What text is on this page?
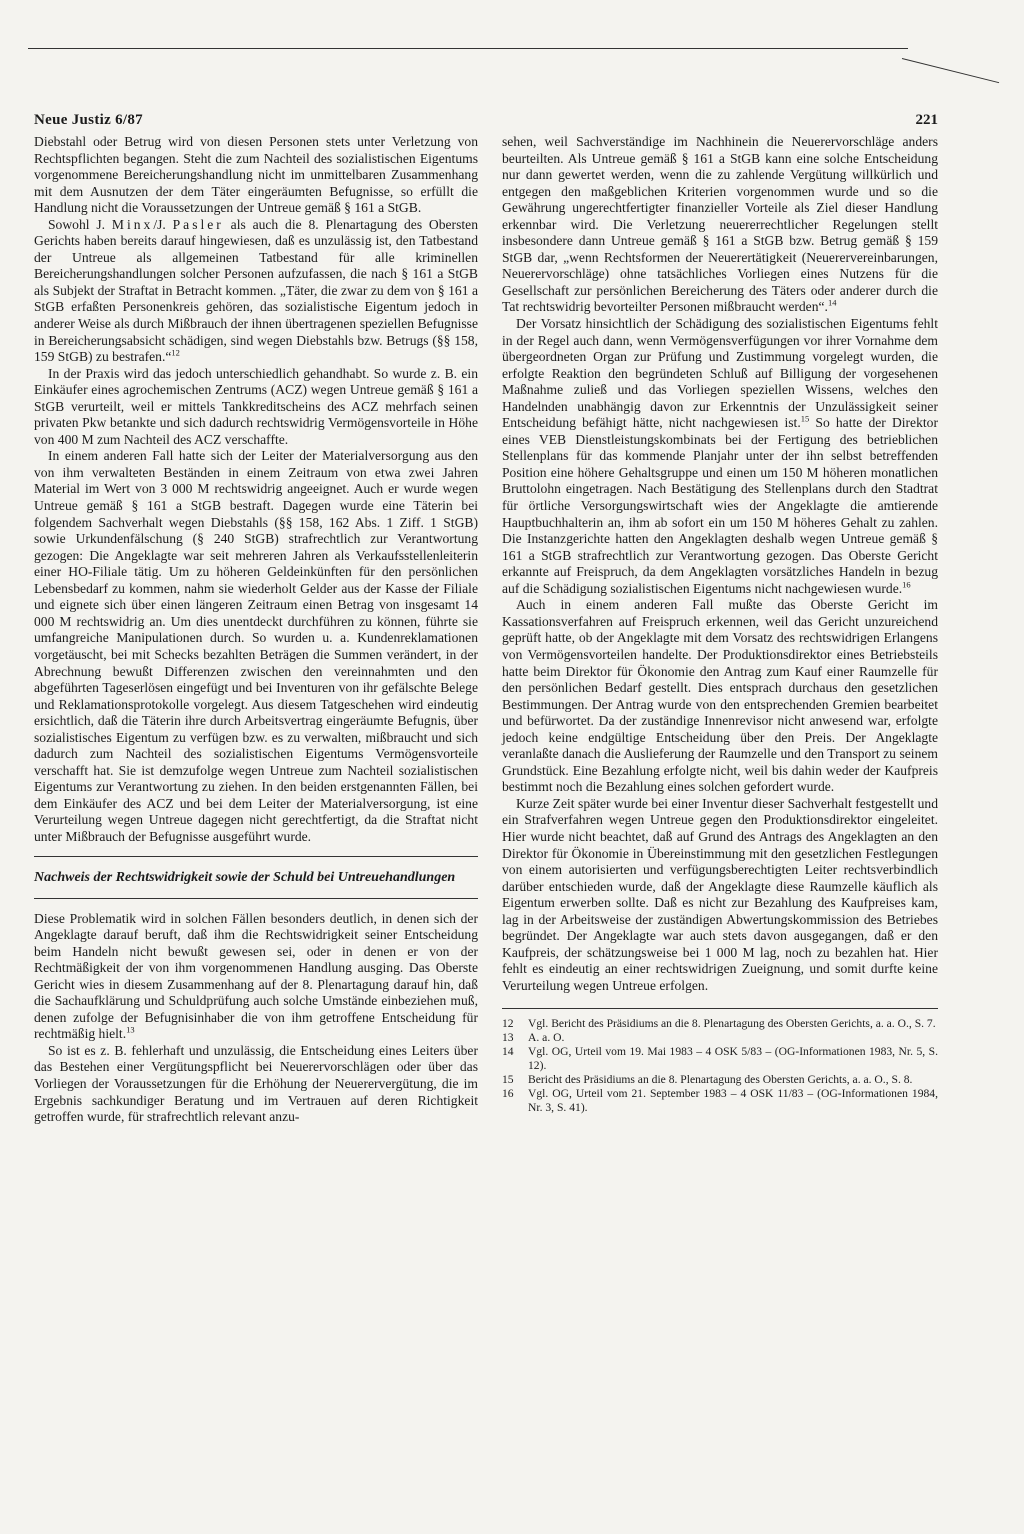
Neue Justiz 6/87	221

Diebstahl oder Betrug wird von diesen Personen stets unter Verletzung von Rechtspflichten begangen. Steht die zum Nachteil des sozialistischen Eigentums vorgenommene Bereicherungshandlung nicht im unmittelbaren Zusammenhang mit dem Ausnutzen der dem Täter eingeräumten Befugnisse, so erfüllt die Handlung nicht die Voraussetzungen der Untreue gemäß § 161 a StGB.

Sowohl J. Minx/J. Pasler als auch die 8. Plenartagung des Obersten Gerichts haben bereits darauf hingewiesen, daß es unzulässig ist, den Tatbestand der Untreue als allgemeinen Tatbestand für alle kriminellen Bereicherungshandlungen solcher Personen aufzufassen, die nach § 161 a StGB als Subjekt der Straftat in Betracht kommen. „Täter, die zwar zu dem von § 161 a StGB erfaßten Personenkreis gehören, das sozialistische Eigentum jedoch in anderer Weise als durch Mißbrauch der ihnen übertragenen speziellen Befugnisse in Bereicherungsabsicht schädigen, sind wegen Diebstahls bzw. Betrugs (§§ 158, 159 StGB) zu bestrafen.“$^{12}$

In der Praxis wird das jedoch unterschiedlich gehandhabt. So wurde z. B. ein Einkäufer eines agrochemischen Zentrums (ACZ) wegen Untreue gemäß § 161 a StGB verurteilt, weil er mittels Tankkreditscheins des ACZ mehrfach seinen privaten Pkw betankte und sich dadurch rechtswidrig Vermögensvorteile in Höhe von 400 M zum Nachteil des ACZ verschaffte.

In einem anderen Fall hatte sich der Leiter der Materialversorgung aus den von ihm verwalteten Beständen in einem Zeitraum von etwa zwei Jahren Material im Wert von 3 000 M rechtswidrig angeeignet. Auch er wurde wegen Untreue gemäß § 161 a StGB bestraft. Dagegen wurde eine Täterin bei folgendem Sachverhalt wegen Diebstahls (§§ 158, 162 Abs. 1 Ziff. 1 StGB) sowie Urkundenfälschung (§ 240 StGB) strafrechtlich zur Verantwortung gezogen: Die Angeklagte war seit mehreren Jahren als Verkaufsstellenleiterin einer HO-Filiale tätig. Um zu höheren Geldeinkünften für den persönlichen Lebensbedarf zu kommen, nahm sie wiederholt Gelder aus der Kasse der Filiale und eignete sich über einen längeren Zeitraum einen Betrag von insgesamt 14 000 M rechtswidrig an. Um dies unentdeckt durchführen zu können, führte sie umfangreiche Manipulationen durch. So wurden u. a. Kundenreklamationen vorgetäuscht, bei mit Schecks bezahlten Beträgen die Summen verändert, in der Abrechnung bewußt Differenzen zwischen den vereinnahmten und den abgeführten Tageserlösen eingefügt und bei Inventuren von ihr gefälschte Belege und Reklamationsprotokolle vorgelegt. Aus diesem Tatgeschehen wird eindeutig ersichtlich, daß die Täterin ihre durch Arbeitsvertrag eingeräumte Befugnis, über sozialistisches Eigentum zu verfügen bzw. es zu verwalten, mißbraucht und sich dadurch zum Nachteil des sozialistischen Eigentums Vermögensvorteile verschafft hat. Sie ist demzufolge wegen Untreue zum Nachteil sozialistischen Eigentums zur Verantwortung zu ziehen. In den beiden erstgenannten Fällen, bei dem Einkäufer des ACZ und bei dem Leiter der Materialversorgung, ist eine Verurteilung wegen Untreue dagegen nicht gerechtfertigt, da die Straftat nicht unter Mißbrauch der Befugnisse ausgeführt wurde.

Nachweis der Rechtswidrigkeit sowie der Schuld bei Untreuehandlungen

Diese Problematik wird in solchen Fällen besonders deutlich, in denen sich der Angeklagte darauf beruft, daß ihm die Rechtswidrigkeit seiner Entscheidung beim Handeln nicht bewußt gewesen sei, oder in denen er von der Rechtmäßigkeit der von ihm vorgenommenen Handlung ausging. Das Oberste Gericht wies in diesem Zusammenhang auf der 8. Plenartagung darauf hin, daß die Sachaufklärung und Schuldprüfung auch solche Umstände einbeziehen muß, denen zufolge der Befugnisinhaber die von ihm getroffene Entscheidung für rechtmäßig hielt.$^{13}$

So ist es z. B. fehlerhaft und unzulässig, die Entscheidung eines Leiters über das Bestehen einer Vergütungspflicht bei Neuerervorschlägen oder über das Vorliegen der Voraussetzungen für die Erhöhung der Neuerervergütung, die im Ergebnis sachkundiger Beratung und im Vertrauen auf deren Richtigkeit getroffen wurde, für strafrechtlich relevant anzu-

sehen, weil Sachverständige im Nachhinein die Neuerervorschläge anders beurteilten. Als Untreue gemäß § 161 a StGB kann eine solche Entscheidung nur dann gewertet werden, wenn die zu zahlende Vergütung willkürlich und entgegen den maßgeblichen Kriterien vorgenommen wurde und so die Gewährung ungerechtfertigter finanzieller Vorteile als Ziel dieser Handlung erkennbar wird. Die Verletzung neuererrechtlicher Regelungen stellt insbesondere dann Untreue gemäß § 161 a StGB bzw. Betrug gemäß § 159 StGB dar, „wenn Rechtsformen der Neuerertätigkeit (Neuerervereinbarungen, Neuerervorschläge) ohne tatsächliches Vorliegen eines Nutzens für die Gesellschaft zur persönlichen Bereicherung des Täters oder anderer durch die Tat rechtswidrig bevorteilter Personen mißbraucht werden“.$^{14}$

Der Vorsatz hinsichtlich der Schädigung des sozialistischen Eigentums fehlt in der Regel auch dann, wenn Vermögensverfügungen vor ihrer Vornahme dem übergeordneten Organ zur Prüfung und Zustimmung vorgelegt wurden, die erfolgte Reaktion den begründeten Schluß auf Billigung der vorgesehenen Maßnahme zuließ und das Vorliegen speziellen Wissens, welches den Handelnden unabhängig davon zur Erkenntnis der Unzulässigkeit seiner Entscheidung befähigt hätte, nicht nachgewiesen ist.$^{15}$ So hatte der Direktor eines VEB Dienstleistungskombinats bei der Fertigung des betrieblichen Stellenplans für das kommende Planjahr unter der ihn selbst betreffenden Position eine höhere Gehaltsgruppe und einen um 150 M höheren monatlichen Bruttolohn eingetragen. Nach Bestätigung des Stellenplans durch den Stadtrat für örtliche Versorgungswirtschaft wies der Angeklagte die amtierende Hauptbuchhalterin an, ihm ab sofort ein um 150 M höheres Gehalt zu zahlen. Die Instanzgerichte hatten den Angeklagten deshalb wegen Untreue gemäß § 161 a StGB strafrechtlich zur Verantwortung gezogen. Das Oberste Gericht erkannte auf Freispruch, da dem Angeklagten vorsätzliches Handeln in bezug auf die Schädigung sozialistischen Eigentums nicht nachgewiesen wurde.$^{16}$

Auch in einem anderen Fall mußte das Oberste Gericht im Kassationsverfahren auf Freispruch erkennen, weil das Gericht unzureichend geprüft hatte, ob der Angeklagte mit dem Vorsatz des rechtswidrigen Erlangens von Vermögensvorteilen handelte. Der Produktionsdirektor eines Betriebsteils hatte beim Direktor für Ökonomie den Antrag zum Kauf einer Raumzelle für den persönlichen Bedarf gestellt. Dies entsprach durchaus den gesetzlichen Bestimmungen. Der Antrag wurde von den entsprechenden Gremien bearbeitet und befürwortet. Da der zuständige Innenrevisor nicht anwesend war, erfolgte jedoch keine endgültige Entscheidung über den Preis. Der Angeklagte veranlaßte danach die Auslieferung der Raumzelle und den Transport zu seinem Grundstück. Eine Bezahlung erfolgte nicht, weil bis dahin weder der Kaufpreis bestimmt noch die Bezahlung eines solchen gefordert wurde.

Kurze Zeit später wurde bei einer Inventur dieser Sachverhalt festgestellt und ein Strafverfahren wegen Untreue gegen den Produktionsdirektor eingeleitet. Hier wurde nicht beachtet, daß auf Grund des Antrags des Angeklagten an den Direktor für Ökonomie in Übereinstimmung mit den gesetzlichen Festlegungen von einem autorisierten und verfügungsberechtigten Leiter rechtsverbindlich darüber entschieden wurde, daß der Angeklagte diese Raumzelle käuflich als Eigentum erwerben sollte. Daß es nicht zur Bezahlung des Kaufpreises kam, lag in der Arbeitsweise der zuständigen Abwertungskommission des Betriebes begründet. Der Angeklagte war auch stets davon ausgegangen, daß er den Kaufpreis, der schätzungsweise bei 1 000 M lag, noch zu bezahlen hat. Hier fehlt es eindeutig an einer rechtswidrigen Zueignung, und somit durfte keine Verurteilung wegen Untreue erfolgen.

12	Vgl. Bericht des Präsidiums an die 8. Plenartagung des Obersten Gerichts, a. a. O., S. 7.
13	A. a. O.
14	Vgl. OG, Urteil vom 19. Mai 1983 – 4 OSK 5/83 – (OG-Informationen 1983, Nr. 5, S. 12).
15	Bericht des Präsidiums an die 8. Plenartagung des Obersten Gerichts, a. a. O., S. 8.
16	Vgl. OG, Urteil vom 21. September 1983 – 4 OSK 11/83 – (OG-Informationen 1984, Nr. 3, S. 41).
